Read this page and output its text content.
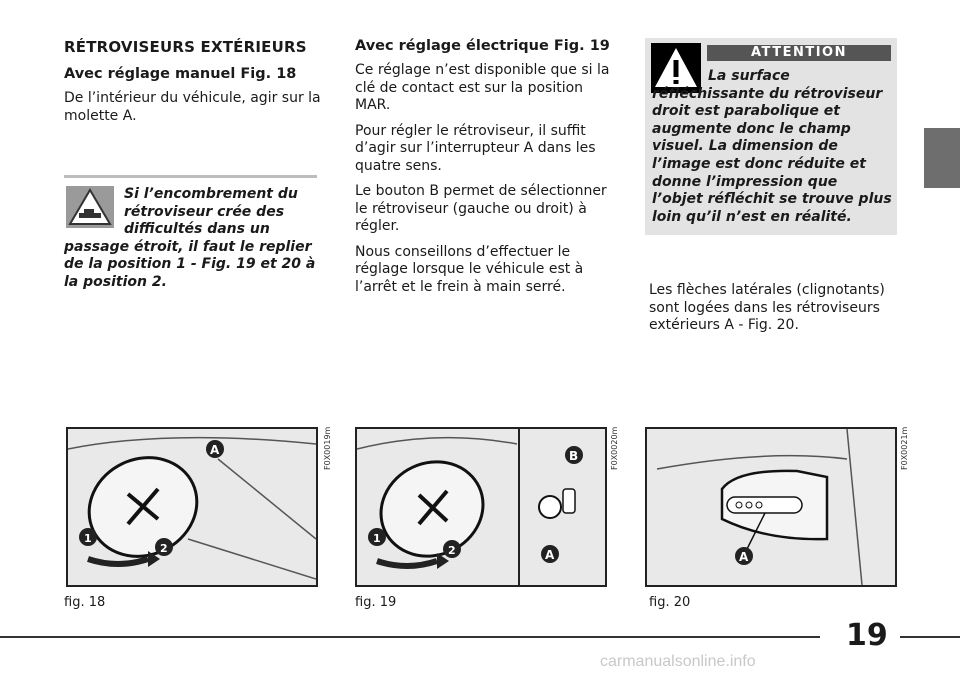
RÉTROVISEURS EXTÉRIEURS
Avec réglage manuel Fig. 18

De l’intérieur du véhicule, agir sur la molette A.

Si l’encombrement du rétroviseur crée des difficultés dans un passage étroit, il faut le replier de la position 1 - Fig. 19 et 20 à la position 2.
Avec réglage électrique Fig. 19

Ce réglage n’est disponible que si la clé de contact est sur la position MAR.

Pour régler le rétroviseur, il suffit d’agir sur l’interrupteur A dans les quatre sens.

Le bouton B permet de sélectionner le rétroviseur (gauche ou droit) à régler.

Nous conseillons d’effectuer le réglage lorsque le véhicule est à l’arrêt et le frein à main serré.

ATTENTION
La surface réfléchissante du rétroviseur droit est parabolique et augmente donc le champ visuel. La dimension de l’image est donc réduite et donne l’impression que l’objet réfléchit se trouve plus loin qu’il n’est en réalité.

Les flèches latérales (clignotants) sont logées dans les rétroviseurs extérieurs A - Fig. 20.

A
1
2
F0X0019m
fig. 18
1
2
B
A
F0X0020m
fig. 19
A
F0X0021m
fig. 20
19
carmanualsonline.info
